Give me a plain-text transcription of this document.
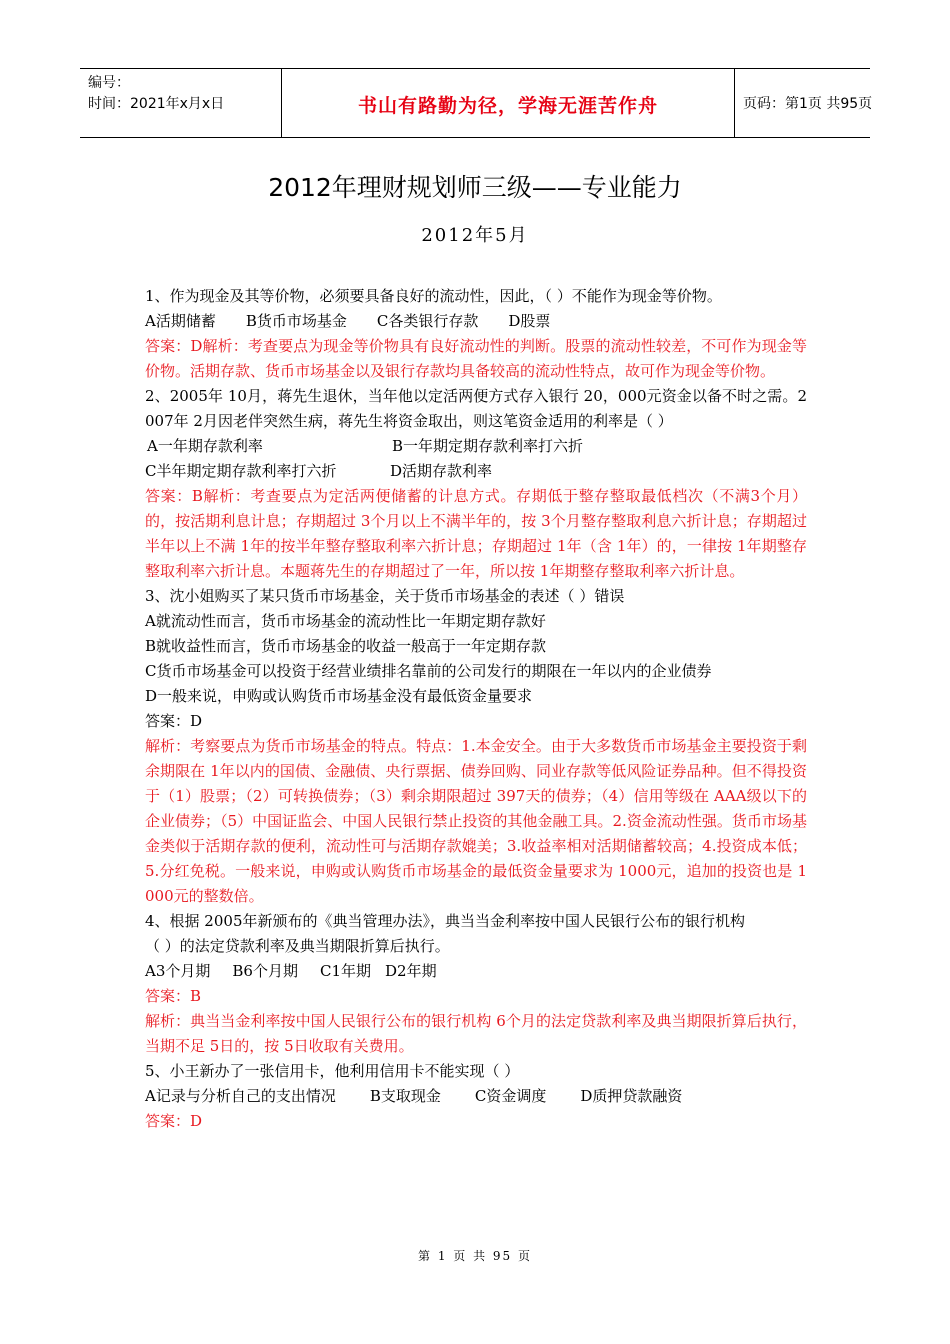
编号：
时间：2021年x月x日	书山有路勤为径，学海无涯苦作舟	页码：第1页 共95页
2012年理财规划师三级——专业能力
2012年5月

1、作为现金及其等价物，必须要具备良好的流动性，因此，（ ）不能作为现金等价物。

A活期储蓄 B货币市场基金 C各类银行存款 D股票

答案：D解析：考查要点为现金等价物具有良好流动性的判断。股票的流动性较差，不可作为现金等价物。活期存款、货币市场基金以及银行存款均具备较高的流动性特点，故可作为现金等价物。

2、2005年 10月，蒋先生退休，当年他以定活两便方式存入银行 20，000元资金以备不时之需。2007年 2月因老伴突然生病，蒋先生将资金取出，则这笔资金适用的利率是（ ）

A一年期存款利率	B一年期定期存款利率打六折

C半年期定期存款利率打六折	D活期存款利率

答案：B解析：考查要点为定活两便储蓄的计息方式。存期低于整存整取最低档次（不满3个月）的，按活期利息计息；存期超过 3个月以上不满半年的，按 3个月整存整取利息六折计息；存期超过半年以上不满 1年的按半年整存整取利率六折计息；存期超过 1年（含 1年）的，一律按 1年期整存整取利率六折计息。本题蒋先生的存期超过了一年，所以按 1年期整存整取利率六折计息。

3、沈小姐购买了某只货币市场基金，关于货币市场基金的表述（ ）错误

A就流动性而言，货币市场基金的流动性比一年期定期存款好

B就收益性而言，货币市场基金的收益一般高于一年定期存款

C货币市场基金可以投资于经营业绩排名靠前的公司发行的期限在一年以内的企业债券

D一般来说，申购或认购货币市场基金没有最低资金量要求

答案：D

解析：考察要点为货币市场基金的特点。特点：1.本金安全。由于大多数货币市场基金主要投资于剩余期限在 1年以内的国债、金融债、央行票据、债券回购、同业存款等低风险证券品种。但不得投资于（1）股票；（2）可转换债券；（3）剩余期限超过 397天的债券；（4）信用等级在 AAA级以下的企业债券；（5）中国证监会、中国人民银行禁止投资的其他金融工具。2.资金流动性强。货币市场基金类似于活期存款的便利，流动性可与活期存款媲美；3.收益率相对活期储蓄较高；4.投资成本低；5.分红免税。一般来说，申购或认购货币市场基金的最低资金量要求为 1000元，追加的投资也是 1000元的整数倍。

4、根据 2005年新颁布的《典当管理办法》，典当当金利率按中国人民银行公布的银行机构

（ ）的法定贷款利率及典当期限折算后执行。

A3个月期 B6个月期 C1年期 D2年期

答案：B

解析：典当当金利率按中国人民银行公布的银行机构 6个月的法定贷款利率及典当期限折算后执行，当期不足 5日的，按 5日收取有关费用。

5、小王新办了一张信用卡，他利用信用卡不能实现（ ）

A记录与分析自己的支出情况 B支取现金 C资金调度 D质押贷款融资

答案：D

第 1 页 共 95 页
